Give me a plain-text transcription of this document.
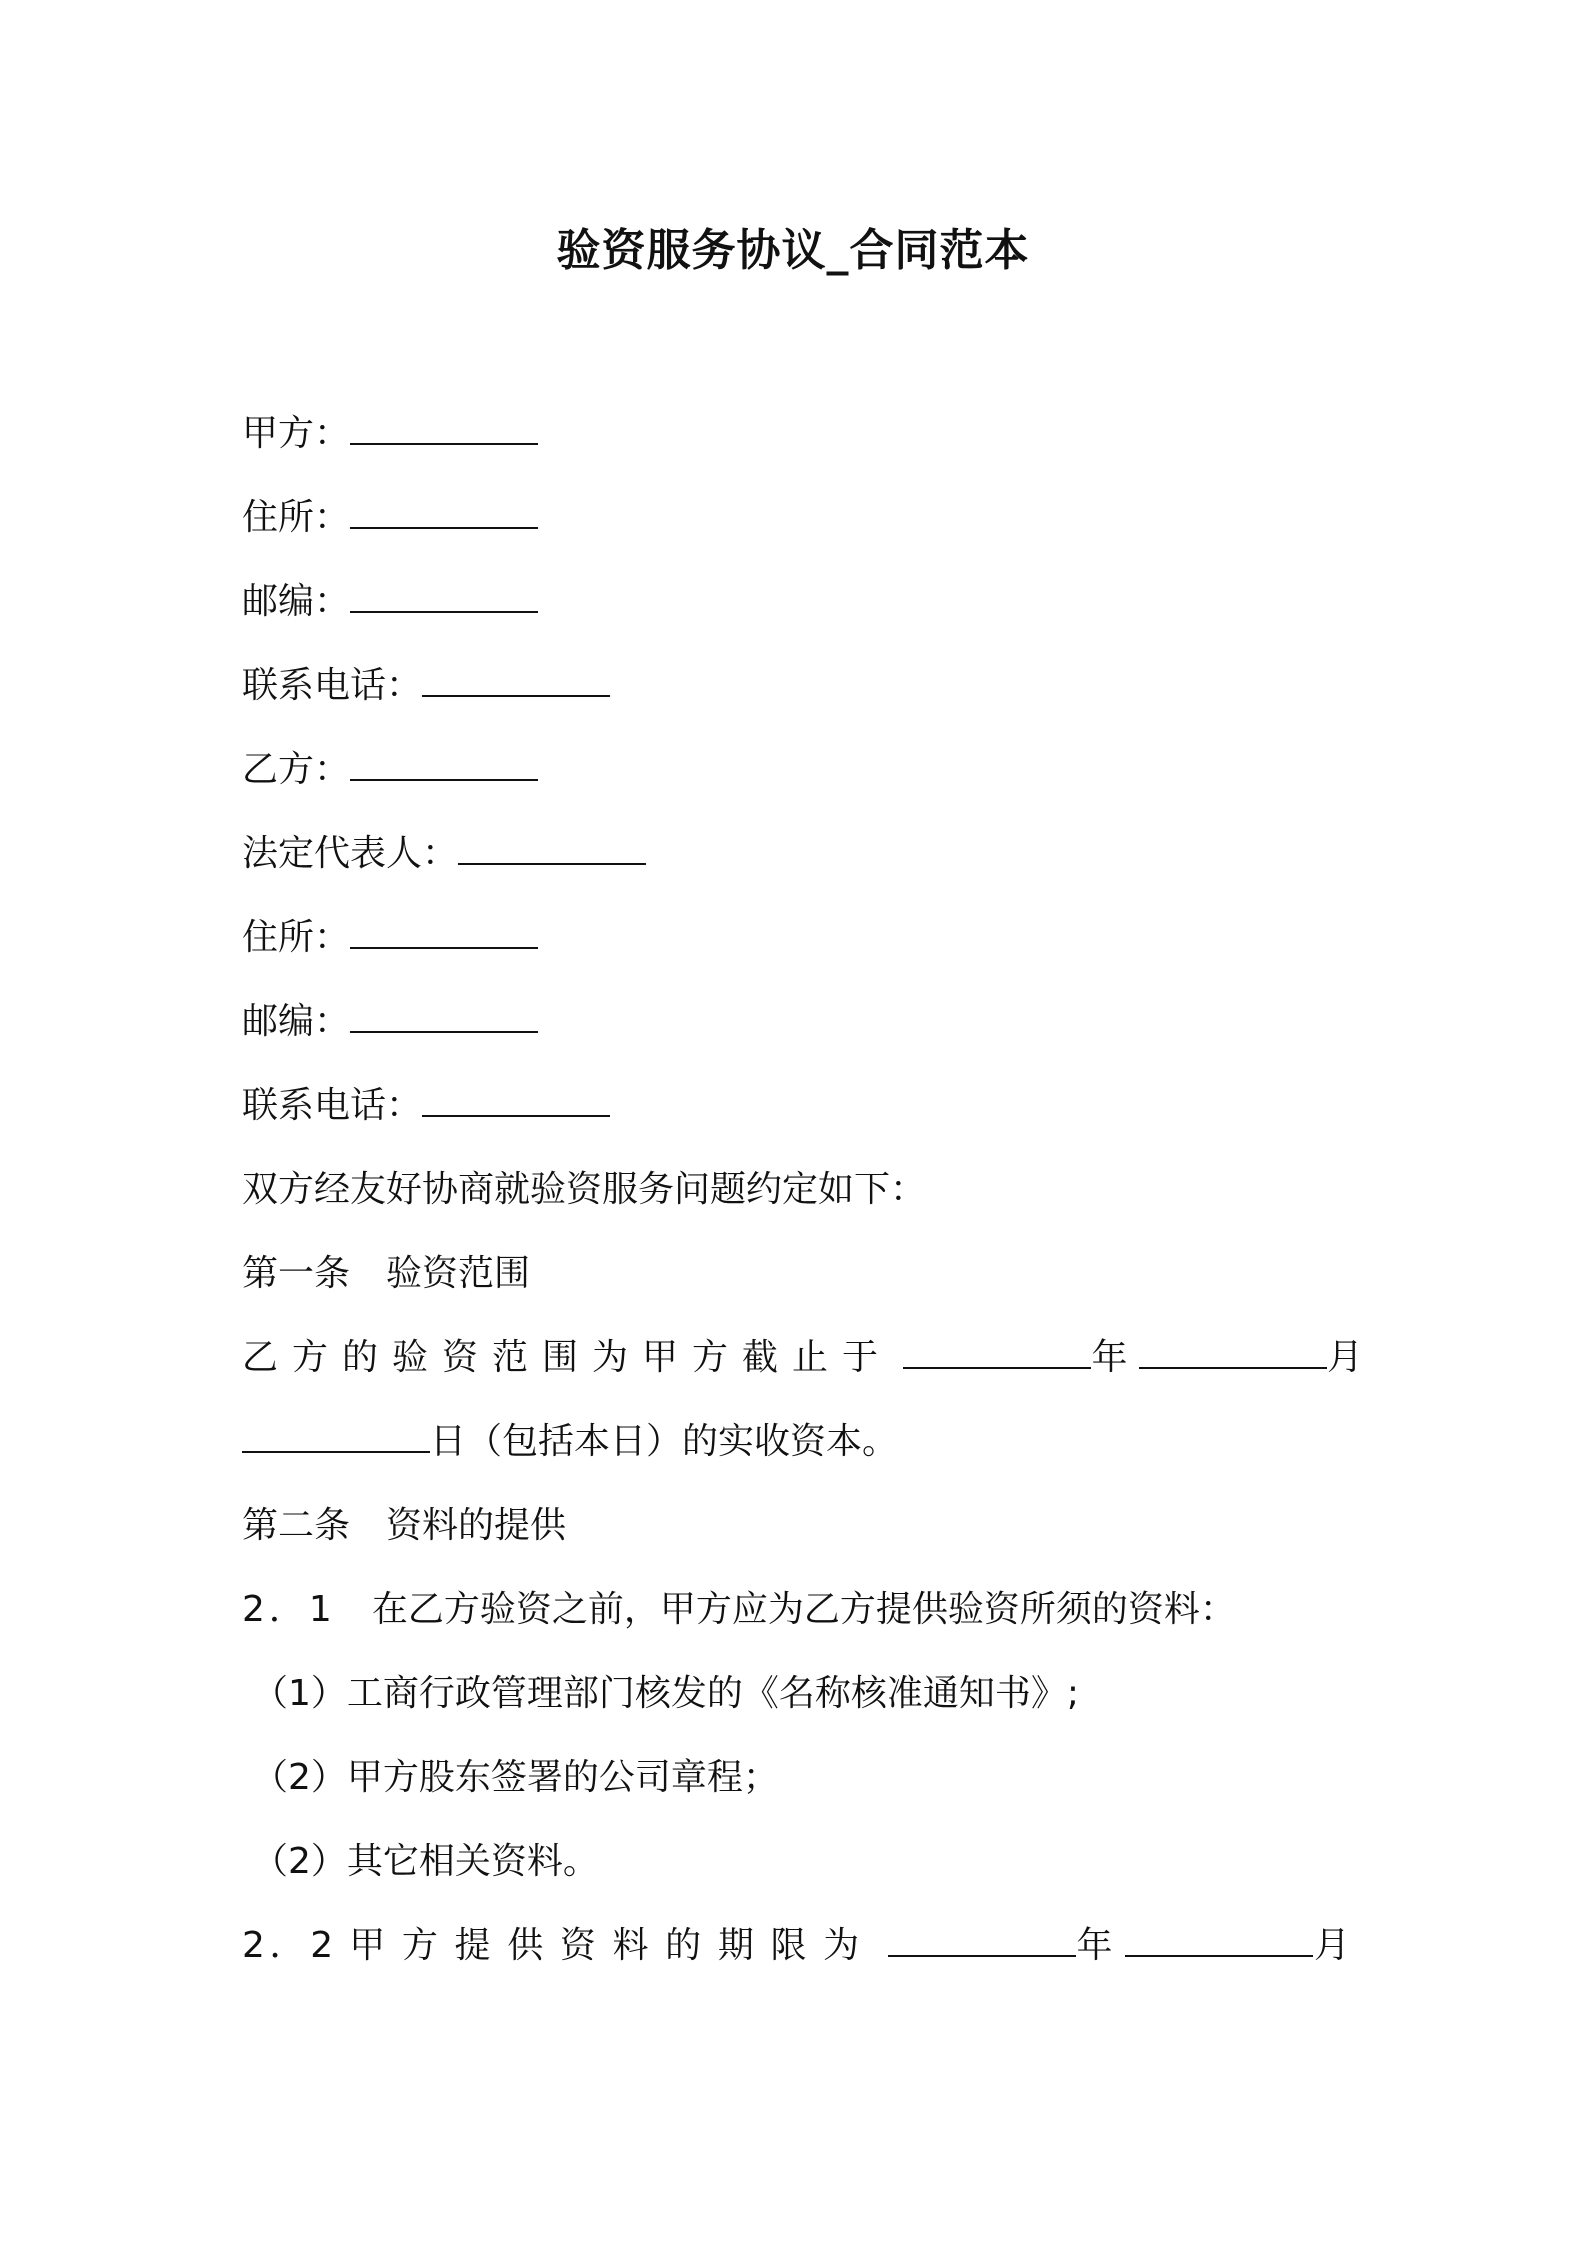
验资服务协议_合同范本
甲方：
住所：
邮编：
联系电话：
乙方：
法定代表人：
住所：
邮编：
联系电话：
双方经友好协商就验资服务问题约定如下：
第一条 验资范围
乙方的验资范围为甲方截止于	年	月
日（包括本日）的实收资本。
第二条 资料的提供
2．1 在乙方验资之前，甲方应为乙方提供验资所须的资料：
（1）工商行政管理部门核发的《名称核准通知书》;
（2）甲方股东签署的公司章程；
（2）其它相关资料。
2．2 甲方提供资料的期限为	年	月
